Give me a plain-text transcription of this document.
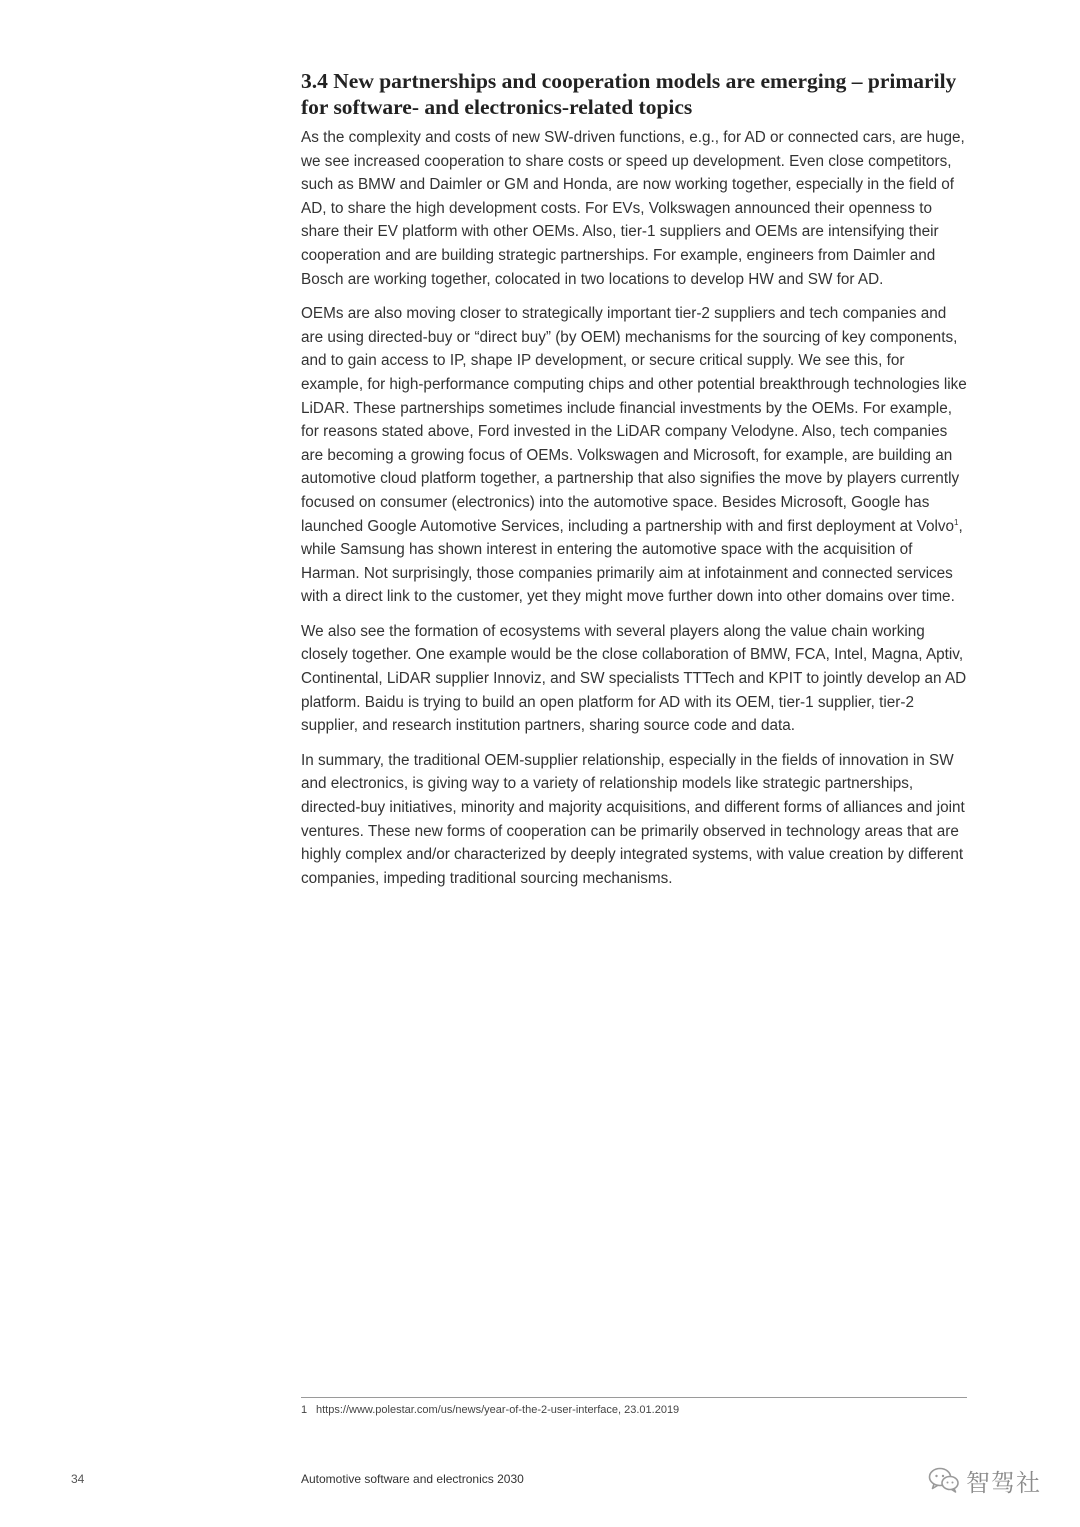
3.4 New partnerships and cooperation models are emerging – primarily for software- and electronics-related topics

As the complexity and costs of new SW-driven functions, e.g., for AD or connected cars, are huge, we see increased cooperation to share costs or speed up development. Even close competitors, such as BMW and Daimler or GM and Honda, are now working together, especially in the field of AD, to share the high development costs. For EVs, Volkswagen announced their openness to share their EV platform with other OEMs. Also, tier-1 suppliers and OEMs are intensifying their cooperation and are building strategic partnerships. For example, engineers from Daimler and Bosch are working together, colocated in two locations to develop HW and SW for AD.

OEMs are also moving closer to strategically important tier-2 suppliers and tech companies and are using directed-buy or “direct buy” (by OEM) mechanisms for the sourcing of key components, and to gain access to IP, shape IP development, or secure critical supply. We see this, for example, for high-performance computing chips and other potential breakthrough technologies like LiDAR. These partnerships sometimes include financial investments by the OEMs. For example, for reasons stated above, Ford invested in the LiDAR company Velodyne. Also, tech companies are becoming a growing focus of OEMs. Volkswagen and Microsoft, for example, are building an automotive cloud platform together, a partnership that also signifies the move by players currently focused on consumer (electronics) into the automotive space. Besides Microsoft, Google has launched Google Automotive Services, including a partnership with and first deployment at Volvo$^1$, while Samsung has shown interest in entering the automotive space with the acquisition of Harman. Not surprisingly, those companies primarily aim at infotainment and connected services with a direct link to the customer, yet they might move further down into other domains over time.

We also see the formation of ecosystems with several players along the value chain working closely together. One example would be the close collaboration of BMW, FCA, Intel, Magna, Aptiv, Continental, LiDAR supplier Innoviz, and SW specialists TTTech and KPIT to jointly develop an AD platform. Baidu is trying to build an open platform for AD with its OEM, tier-1 supplier, tier-2 supplier, and research institution partners, sharing source code and data.

In summary, the traditional OEM-supplier relationship, especially in the fields of innovation in SW and electronics, is giving way to a variety of relationship models like strategic partnerships, directed-buy initiatives, minority and majority acquisitions, and different forms of alliances and joint ventures. These new forms of cooperation can be primarily observed in technology areas that are highly complex and/or characterized by deeply integrated systems, with value creation by different companies, impeding traditional sourcing mechanisms.

1 https://www.polestar.com/us/news/year-of-the-2-user-interface, 23.01.2019
34	Automotive software and electronics 2030	智驾社
